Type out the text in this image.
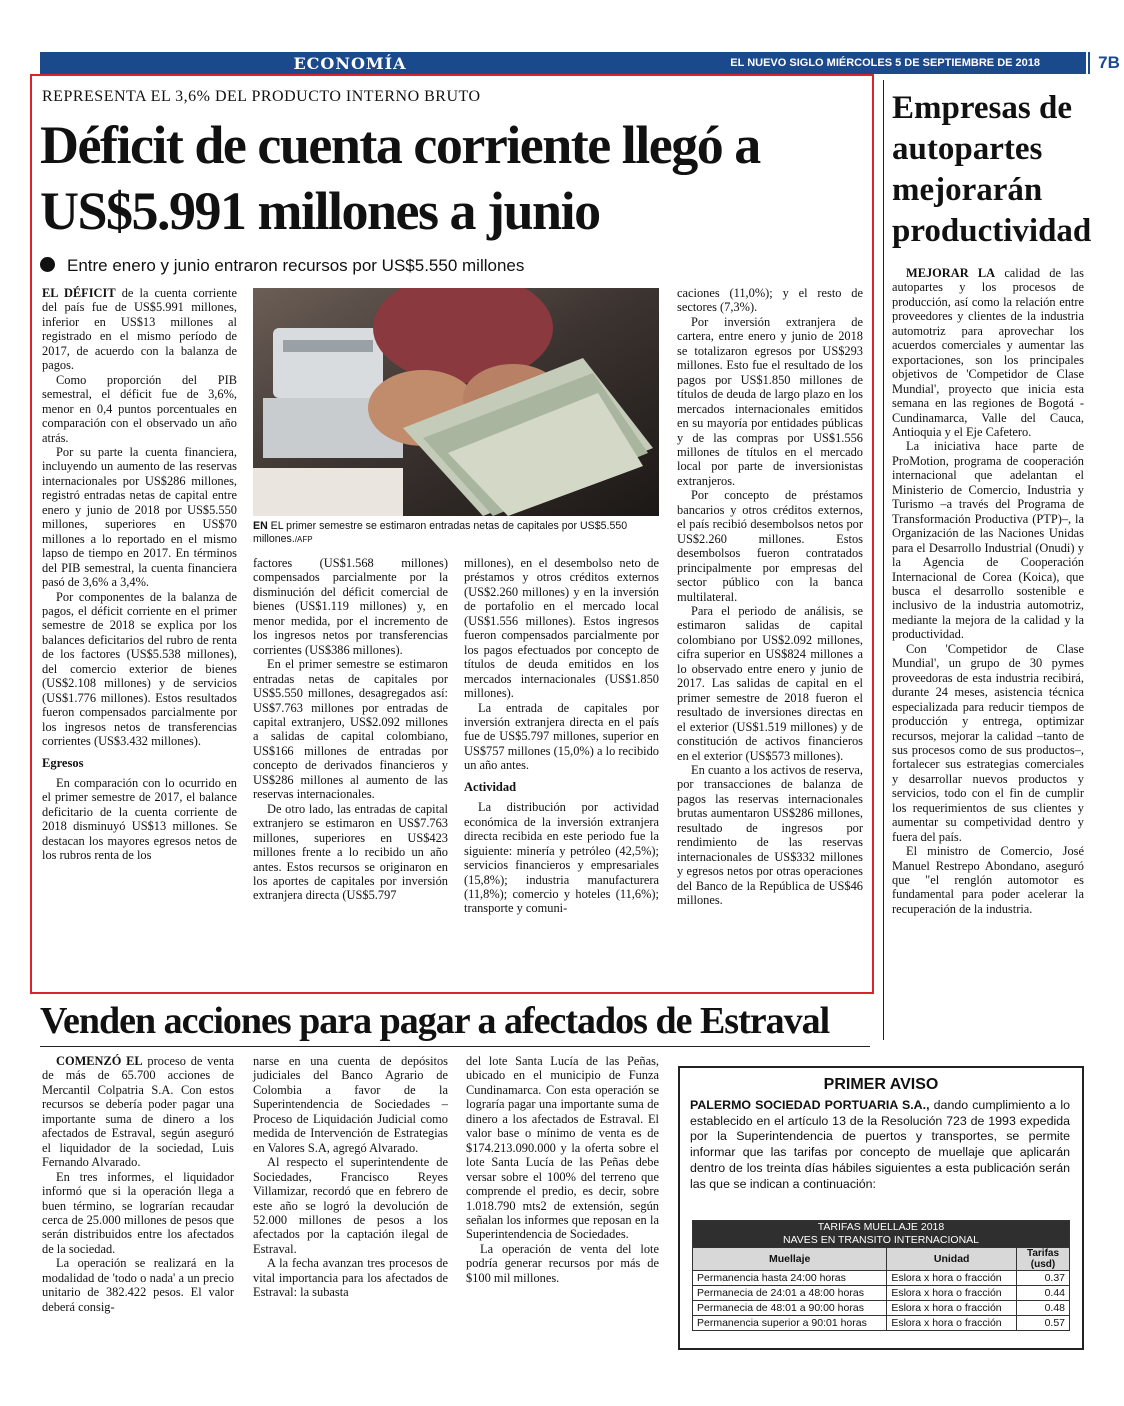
ECONOMÍA	EL NUEVO SIGLO MIÉRCOLES 5 DE SEPTIEMBRE DE 2018	7B
REPRESENTA EL 3,6% DEL PRODUCTO INTERNO BRUTO
Déficit de cuenta corriente llegó a US$5.991 millones a junio
Entre enero y junio entraron recursos por US$5.550 millones

EL DÉFICIT de la cuenta corriente del país fue de US$5.991 millones, inferior en US$13 millones al registrado en el mismo período de 2017, de acuerdo con la balanza de pagos.

Como proporción del PIB semestral, el déficit fue de 3,6%, menor en 0,4 puntos porcentuales en comparación con el observado un año atrás.

Por su parte la cuenta financiera, incluyendo un aumento de las reservas internacionales por US$286 millones, registró entradas netas de capital entre enero y junio de 2018 por US$5.550 millones, superiores en US$70 millones a lo reportado en el mismo lapso de tiempo en 2017. En términos del PIB semestral, la cuenta financiera pasó de 3,6% a 3,4%.

Por componentes de la balanza de pagos, el déficit corriente en el primer semestre de 2018 se explica por los balances deficitarios del rubro de renta de los factores (US$5.538 millones), del comercio exterior de bienes (US$2.108 millones) y de servicios (US$1.776 millones). Estos resultados fueron compensados parcialmente por los ingresos netos de transferencias corrientes (US$3.432 millones).

Egresos

En comparación con lo ocurrido en el primer semestre de 2017, el balance deficitario de la cuenta corriente de 2018 disminuyó US$13 millones. Se destacan los mayores egresos netos de los rubros renta de los

EN EL primer semestre se estimaron entradas netas de capitales por US$5.550 millones./AFP

factores (US$1.568 millones) compensados parcialmente por la disminución del déficit comercial de bienes (US$1.119 millones) y, en menor medida, por el incremento de los ingresos netos por transferencias corrientes (US$386 millones).

En el primer semestre se estimaron entradas netas de capitales por US$5.550 millones, desagregados así: US$7.763 millones por entradas de capital extranjero, US$2.092 millones a salidas de capital colombiano, US$166 millones de entradas por concepto de derivados financieros y US$286 millones al aumento de las reservas internacionales.

De otro lado, las entradas de capital extranjero se estimaron en US$7.763 millones, superiores en US$423 millones frente a lo recibido un año antes. Estos recursos se originaron en los aportes de capitales por inversión extranjera directa (US$5.797

millones), en el desembolso neto de préstamos y otros créditos externos (US$2.260 millones) y en la inversión de portafolio en el mercado local (US$1.556 millones). Estos ingresos fueron compensados parcialmente por los pagos efectuados por concepto de títulos de deuda emitidos en los mercados internacionales (US$1.850 millones).

La entrada de capitales por inversión extranjera directa en el país fue de US$5.797 millones, superior en US$757 millones (15,0%) a lo recibido un año antes.

Actividad

La distribución por actividad económica de la inversión extranjera directa recibida en este periodo fue la siguiente: minería y petróleo (42,5%); servicios financieros y empresariales (15,8%); industria manufacturera (11,8%); comercio y hoteles (11,6%); transporte y comuni-

caciones (11,0%); y el resto de sectores (7,3%).

Por inversión extranjera de cartera, entre enero y junio de 2018 se totalizaron egresos por US$293 millones. Esto fue el resultado de los pagos por US$1.850 millones de títulos de deuda de largo plazo en los mercados internacionales emitidos en su mayoría por entidades públicas y de las compras por US$1.556 millones de títulos en el mercado local por parte de inversionistas extranjeros.

Por concepto de préstamos bancarios y otros créditos externos, el país recibió desembolsos netos por US$2.260 millones. Estos desembolsos fueron contratados principalmente por empresas del sector público con la banca multilateral.

Para el periodo de análisis, se estimaron salidas de capital colombiano por US$2.092 millones, cifra superior en US$824 millones a lo observado entre enero y junio de 2017. Las salidas de capital en el primer semestre de 2018 fueron el resultado de inversiones directas en el exterior (US$1.519 millones) y de constitución de activos financieros en el exterior (US$573 millones).

En cuanto a los activos de reserva, por transacciones de balanza de pagos las reservas internacionales brutas aumentaron US$286 millones, resultado de ingresos por rendimiento de las reservas internacionales de US$332 millones y egresos netos por otras operaciones del Banco de la República de US$46 millones.

Empresas de autopartes mejorarán productividad

MEJORAR LA calidad de las autopartes y los procesos de producción, así como la relación entre proveedores y clientes de la industria automotriz para aprovechar los acuerdos comerciales y aumentar las exportaciones, son los principales objetivos de 'Competidor de Clase Mundial', proyecto que inicia esta semana en las regiones de Bogotá - Cundinamarca, Valle del Cauca, Antioquia y el Eje Cafetero.

La iniciativa hace parte de ProMotion, programa de cooperación internacional que adelantan el Ministerio de Comercio, Industria y Turismo –a través del Programa de Transformación Productiva (PTP)–, la Organización de las Naciones Unidas para el Desarrollo Industrial (Onudi) y la Agencia de Cooperación Internacional de Corea (Koica), que busca el desarrollo sostenible e inclusivo de la industria automotriz, mediante la mejora de la calidad y la productividad.

Con 'Competidor de Clase Mundial', un grupo de 30 pymes proveedoras de esta industria recibirá, durante 24 meses, asistencia técnica especializada para reducir tiempos de producción y entrega, optimizar recursos, mejorar la calidad –tanto de sus procesos como de sus productos–, fortalecer sus estrategias comerciales y desarrollar nuevos productos y servicios, todo con el fin de cumplir los requerimientos de sus clientes y aumentar su competividad dentro y fuera del país.

El ministro de Comercio, José Manuel Restrepo Abondano, aseguró que "el renglón automotor es fundamental para poder acelerar la recuperación de la industria.

Venden acciones para pagar a afectados de Estraval

COMENZÓ EL proceso de venta de más de 65.700 acciones de Mercantil Colpatria S.A. Con estos recursos se debería poder pagar una importante suma de dinero a los afectados de Estraval, según aseguró el liquidador de la sociedad, Luis Fernando Alvarado.

En tres informes, el liquidador informó que si la operación llega a buen término, se lograrían recaudar cerca de 25.000 millones de pesos que serán distribuidos entre los afectados de la sociedad.

La operación se realizará en la modalidad de 'todo o nada' a un precio unitario de 382.422 pesos. El valor deberá consig-

narse en una cuenta de depósitos judiciales del Banco Agrario de Colombia a favor de la Superintendencia de Sociedades – Proceso de Liquidación Judicial como medida de Intervención de Estrategias en Valores S.A, agregó Alvarado.

Al respecto el superintendente de Sociedades, Francisco Reyes Villamizar, recordó que en febrero de este año se logró la devolución de 52.000 millones de pesos a los afectados por la captación ilegal de Estraval.

A la fecha avanzan tres procesos de vital importancia para los afectados de Estraval: la subasta

del lote Santa Lucía de las Peñas, ubicado en el municipio de Funza Cundinamarca. Con esta operación se lograría pagar una importante suma de dinero a los afectados de Estraval. El valor base o mínimo de venta es de $174.213.090.000 y la oferta sobre el lote Santa Lucía de las Peñas debe versar sobre el 100% del terreno que comprende el predio, es decir, sobre 1.018.790 mts2 de extensión, según señalan los informes que reposan en la Superintendencia de Sociedades.

La operación de venta del lote podría generar recursos por más de $100 mil millones.

PRIMER AVISO
PALERMO SOCIEDAD PORTUARIA S.A., dando cumplimiento a lo establecido en el artículo 13 de la Resolución 723 de 1993 expedida por la Superintendencia de puertos y transportes, se permite informar que las tarifas por concepto de muellaje que aplicarán dentro de los treinta días hábiles siguientes a esta publicación serán las que se indican a continuación:
TARIFAS MUELLAJE 2018
NAVES EN TRANSITO INTERNACIONAL		

Muellaje	Unidad	Tarifas (usd)
Permanencia hasta 24:00 horas	Eslora x hora o fracción	0.37
Permanecia de 24:01 a 48:00 horas	Eslora x hora o fracción	0.44
Permanecia de 48:01 a 90:00 horas	Eslora x hora o fracción	0.48
Permanencia superior a 90:01 horas	Eslora x hora o fracción	0.57
